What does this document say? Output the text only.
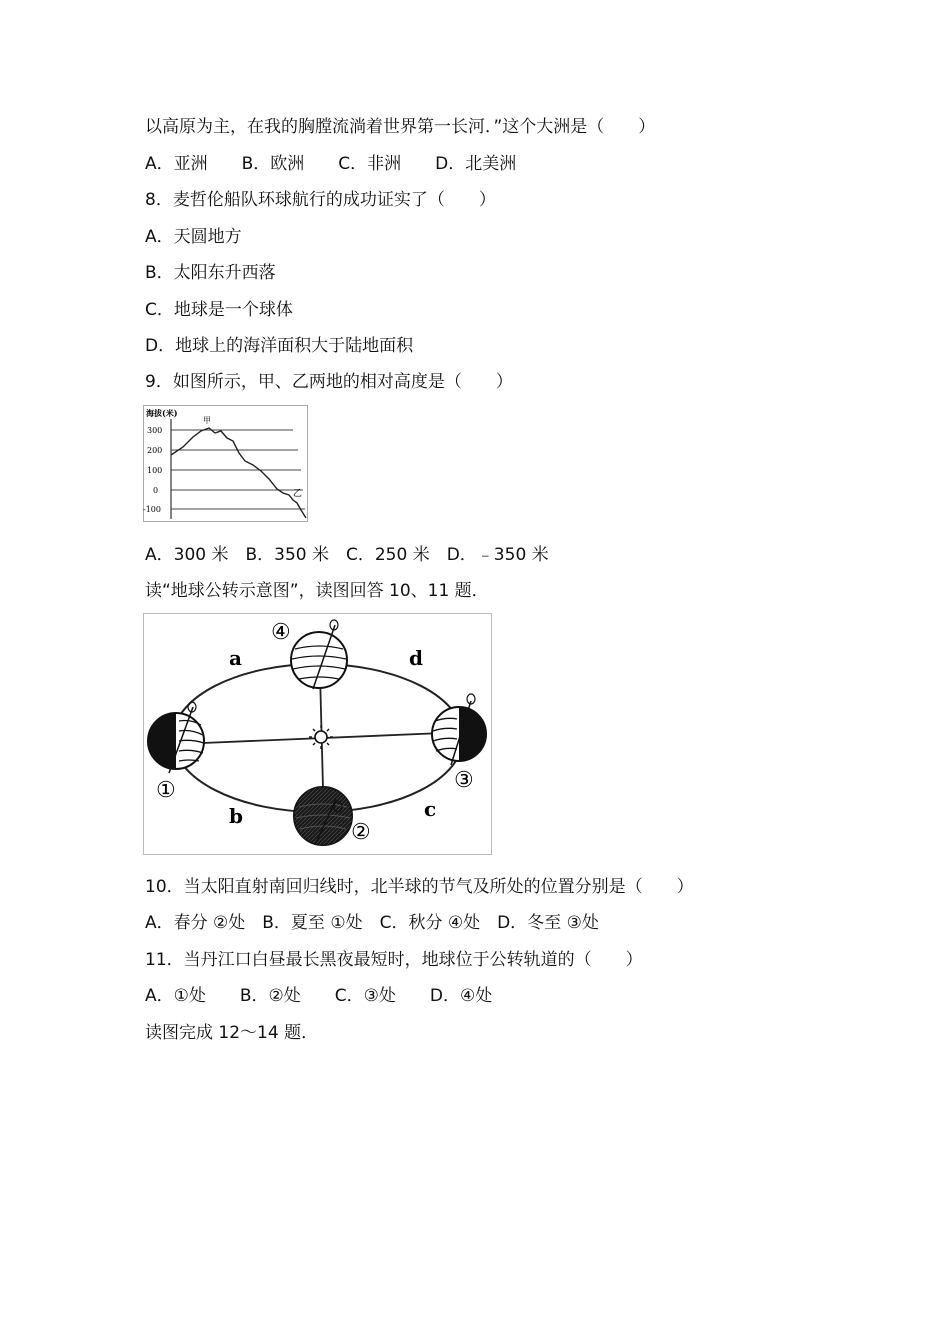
以高原为主，在我的胸膛流淌着世界第一长河．”这个大洲是（　　）
A．亚洲　　B．欧洲　　C．非洲　　D．北美洲
8．麦哲伦船队环球航行的成功证实了（　　）
A．天圆地方
B．太阳东升西落
C．地球是一个球体
D．地球上的海洋面积大于陆地面积
9．如图所示，甲、乙两地的相对高度是（　　）
海拔(米)
甲
300
200
100
0
-100
乙
A．300 米　B．350 米　C．250 米　D．﹣350 米
读“地球公转示意图”，读图回答 10、11 题．
a	d
b	c
①
②
③
④
10．当太阳直射南回归线时，北半球的节气及所处的位置分别是（　　）
A．春分 ②处　B．夏至 ①处　C．秋分 ④处　D．冬至 ③处
11．当丹江口白昼最长黑夜最短时，地球位于公转轨道的（　　）
A．①处　　B．②处　　C．③处　　D．④处
读图完成 12～14 题．
